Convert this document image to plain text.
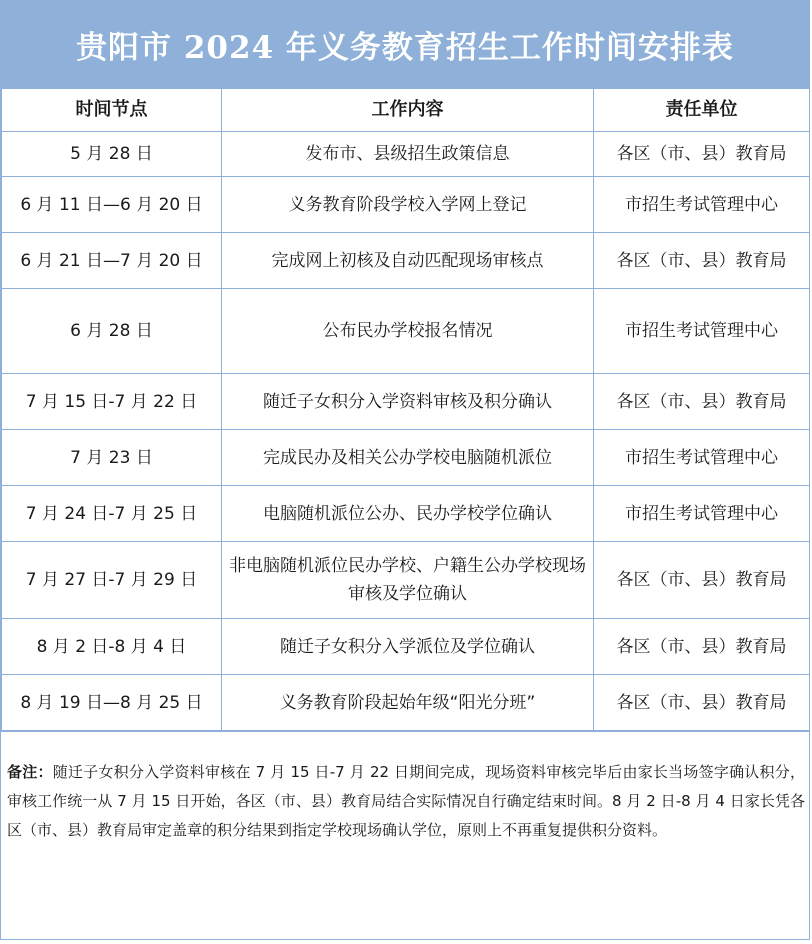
贵阳市 2024 年义务教育招生工作时间安排表
时间节点	工作内容	责任单位
5 月 28 日	发布市、县级招生政策信息	各区（市、县）教育局
6 月 11 日—6 月 20 日	义务教育阶段学校入学网上登记	市招生考试管理中心
6 月 21 日—7 月 20 日	完成网上初核及自动匹配现场审核点	各区（市、县）教育局
6 月 28 日	公布民办学校报名情况	市招生考试管理中心
7 月 15 日-7 月 22 日	随迁子女积分入学资料审核及积分确认	各区（市、县）教育局
7 月 23 日	完成民办及相关公办学校电脑随机派位	市招生考试管理中心
7 月 24 日-7 月 25 日	电脑随机派位公办、民办学校学位确认	市招生考试管理中心
7 月 27 日-7 月 29 日	非电脑随机派位民办学校、户籍生公办学校现场审核及学位确认	各区（市、县）教育局
8 月 2 日-8 月 4 日	随迁子女积分入学派位及学位确认	各区（市、县）教育局
8 月 19 日—8 月 25 日	义务教育阶段起始年级“阳光分班”	各区（市、县）教育局
备注：随迁子女积分入学资料审核在 7 月 15 日-7 月 22 日期间完成，现场资料审核完毕后由家长当场签字确认积分，审核工作统一从 7 月 15 日开始，各区（市、县）教育局结合实际情况自行确定结束时间。8 月 2 日-8 月 4 日家长凭各区（市、县）教育局审定盖章的积分结果到指定学校现场确认学位，原则上不再重复提供积分资料。
